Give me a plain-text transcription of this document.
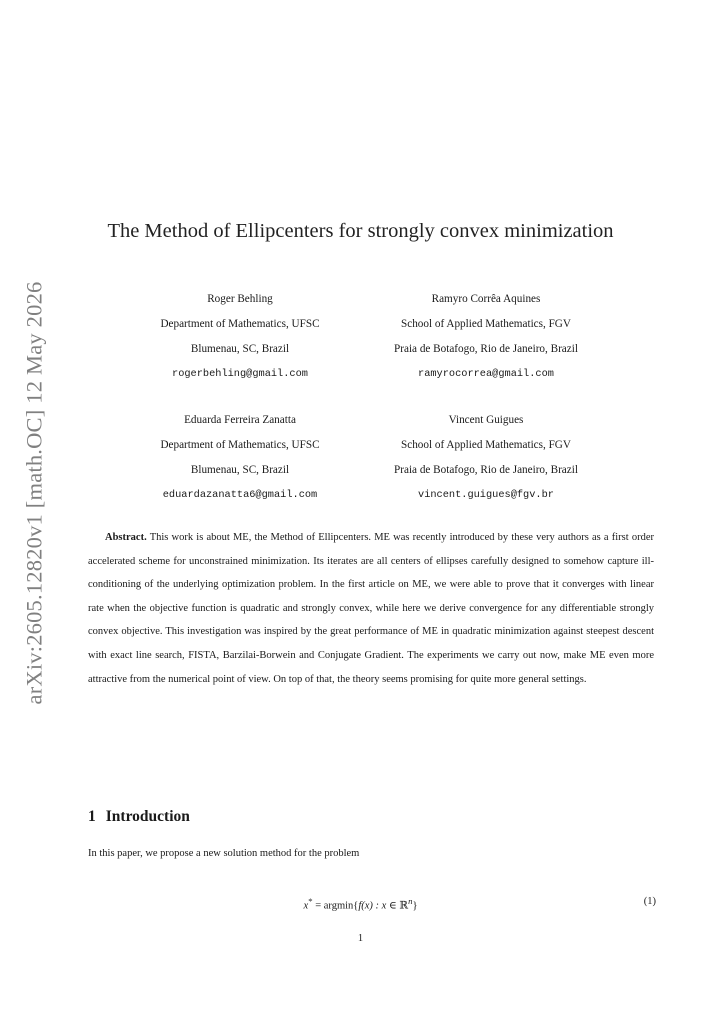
arXiv:2605.12820v1 [math.OC] 12 May 2026
The Method of Ellipcenters for strongly convex minimization
Roger Behling
Department of Mathematics, UFSC
Blumenau, SC, Brazil
rogerbehling@gmail.com
Ramyro Corrêa Aquines
School of Applied Mathematics, FGV
Praia de Botafogo, Rio de Janeiro, Brazil
ramyrocorrea@gmail.com
Eduarda Ferreira Zanatta
Department of Mathematics, UFSC
Blumenau, SC, Brazil
eduardazanatta6@gmail.com
Vincent Guigues
School of Applied Mathematics, FGV
Praia de Botafogo, Rio de Janeiro, Brazil
vincent.guigues@fgv.br

Abstract. This work is about ME, the Method of Ellipcenters. ME was recently introduced by these very authors as a first order accelerated scheme for unconstrained minimization. Its iterates are all centers of ellipses carefully designed to somehow capture ill-conditioning of the underlying optimization problem. In the first article on ME, we were able to prove that it converges with linear rate when the objective function is quadratic and strongly convex, while here we derive convergence for any differentiable strongly convex objective. This investigation was inspired by the great performance of ME in quadratic minimization against steepest descent with exact line search, FISTA, Barzilai-Borwein and Conjugate Gradient. The experiments we carry out now, make ME even more attractive from the numerical point of view. On top of that, the theory seems promising for quite more general settings.

1 Introduction
In this paper, we propose a new solution method for the problem
x* = argmin{f(x) : x ∈ ℝ$^n$}	(1)
1
